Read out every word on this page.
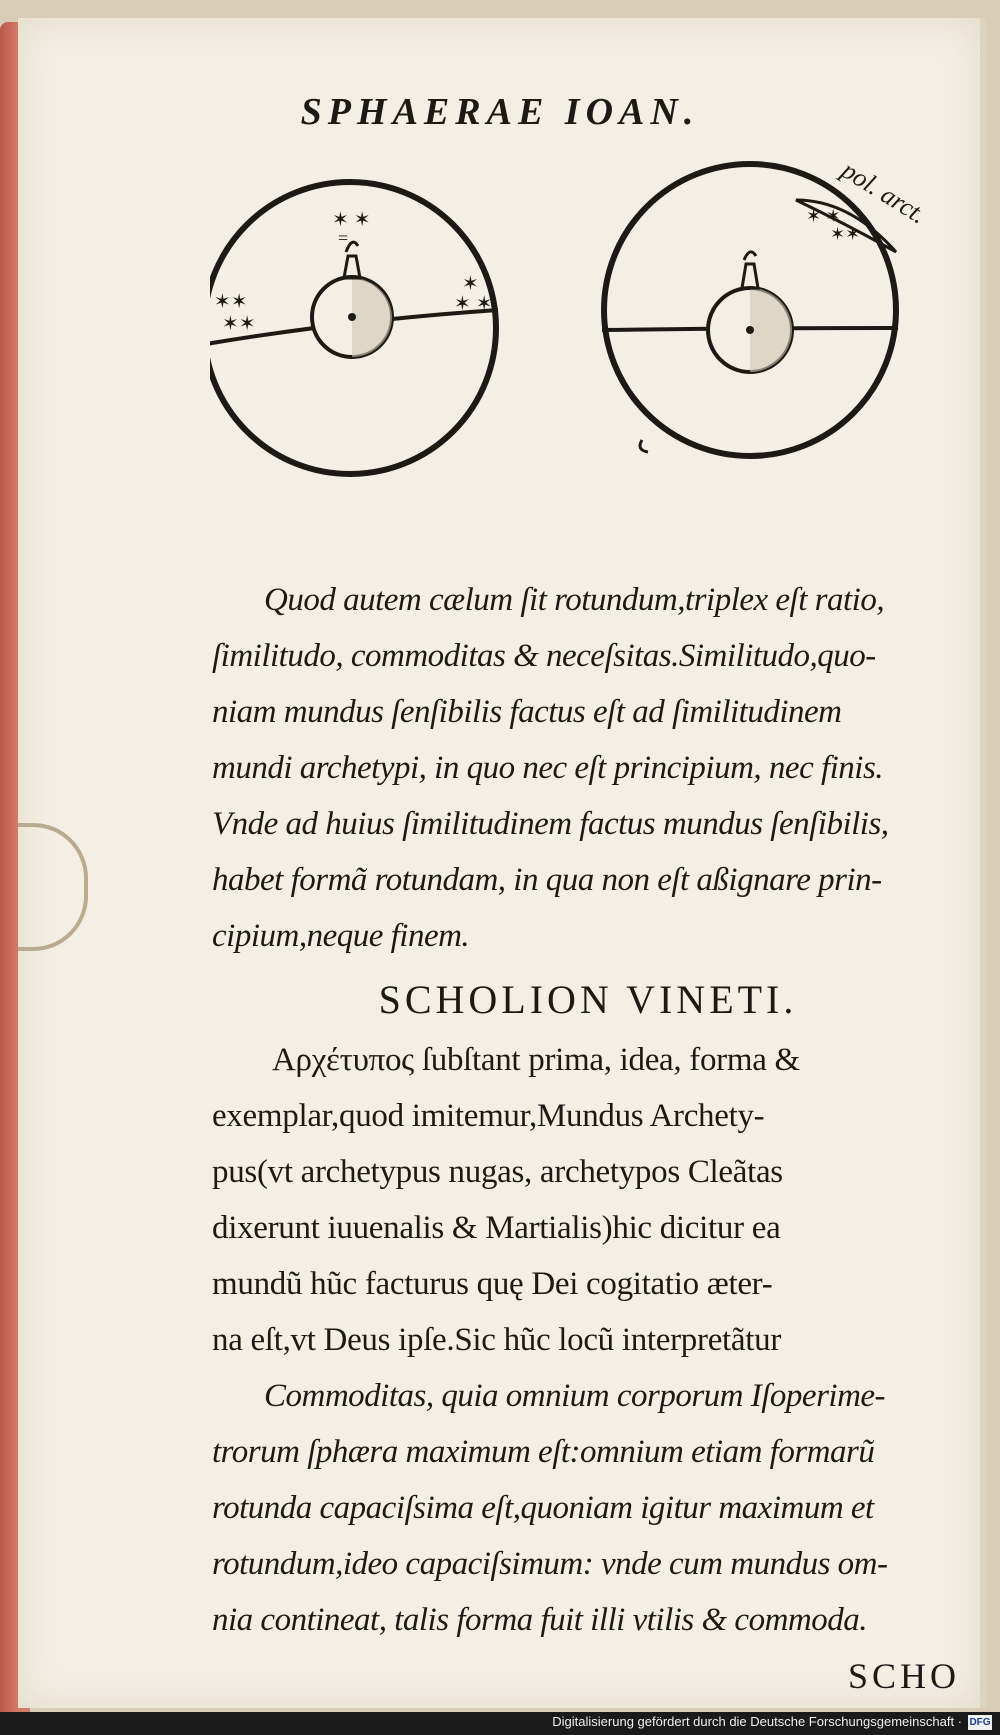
SPHAERAE IOAN.
✶ ✶
=
✶✶
✶✶
✶
✶ ✶
✶ ✶
✶✶
pol. arct.

Quod autem cælum ſit rotundum,triplex eſt ratio,

ſimilitudo, commoditas & neceſsitas.Similitudo,quo-

niam mundus ſenſibilis factus eſt ad ſimilitudinem

mundi archetypi, in quo nec eſt principium, nec finis.

Vnde ad huius ſimilitudinem factus mundus ſenſibilis,

habet formã rotundam, in qua non eſt aßignare prin-

cipium,neque finem.

SCHOLION VINETI.

Αρχέτυπος ſubſtant prima, idea, forma &

exemplar,quod imitemur,Mundus Archety-

pus(vt archetypus nugas, archetypos Cleãtas

dixerunt iuuenalis & Martialis)hic dicitur ea

mundũ hũc facturus quę Dei cogitatio æter-

na eſt,vt Deus ipſe.Sic hũc locũ interpretãtur

Commoditas, quia omnium corporum Iſoperime-

trorum ſphæra maximum eſt:omnium etiam formarũ

rotunda capaciſsima eſt,quoniam igitur maximum et

rotundum,ideo capaciſsimum: vnde cum mundus om-

nia contineat, talis forma fuit illi vtilis & commoda.

SCHO

Digitalisierung gefördert durch die Deutsche Forschungsgemeinschaft · DFG
